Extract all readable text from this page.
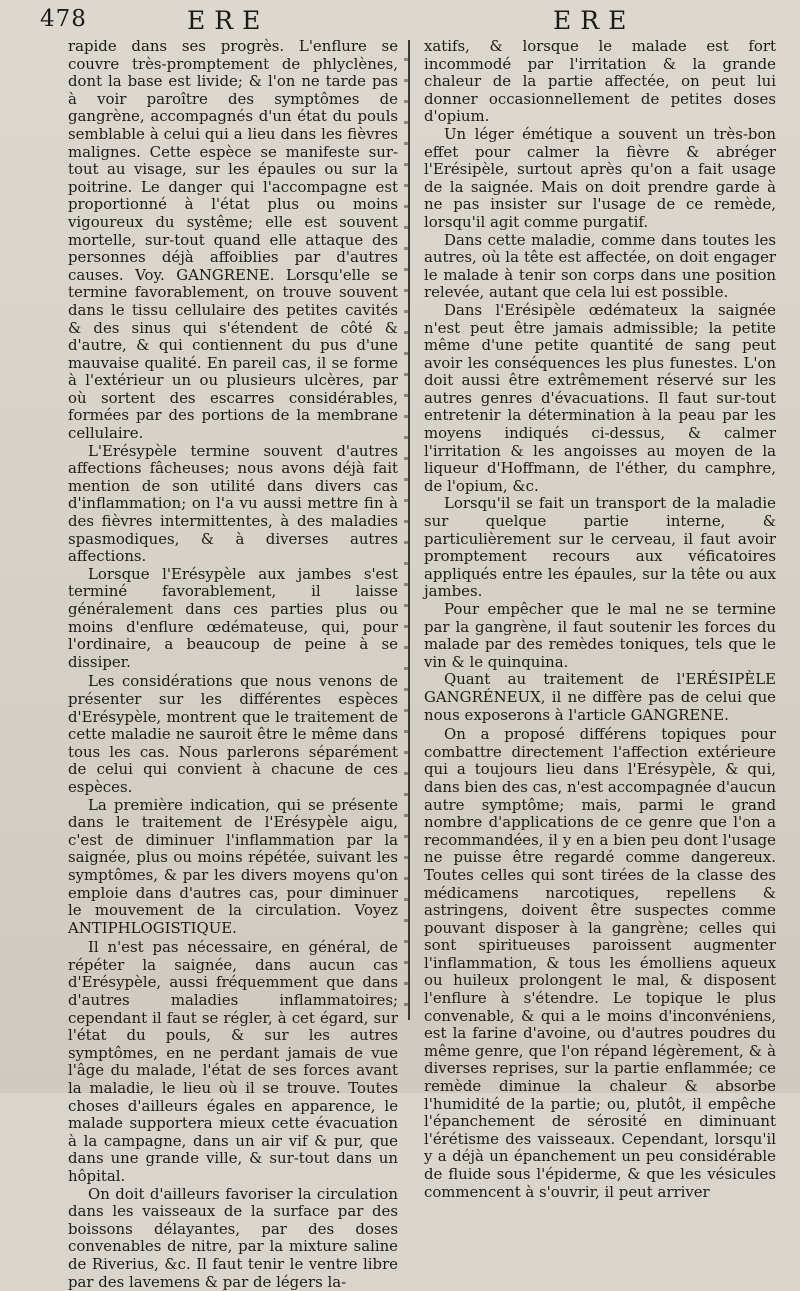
478	ERE	ERE

rapide dans ses progrès. L'enflure se couvre très-promptement de phlyclènes, dont la base est livide; & l'on ne tarde pas à voir paroître des symptômes de gangrène, accompagnés d'un état du pouls semblable à celui qui a lieu dans les fièvres malignes. Cette espèce se manifeste sur-tout au visage, sur les épaules ou sur la poitrine. Le danger qui l'accompagne est proportionné à l'état plus ou moins vigoureux du systême; elle est souvent mortelle, sur-tout quand elle attaque des personnes déjà affoiblies par d'autres causes. Voy. GANGRENE. Lorsqu'elle se termine favorablement, on trouve souvent dans le tissu cellulaire des petites cavités & des sinus qui s'étendent de côté & d'autre, & qui contiennent du pus d'une mauvaise qualité. En pareil cas, il se forme à l'extérieur un ou plusieurs ulcères, par où sortent des escarres considérables, formées par des portions de la membrane cellulaire.

L'Erésypèle termine souvent d'autres affections fâcheuses; nous avons déjà fait mention de son utilité dans divers cas d'inflammation; on l'a vu aussi mettre fin à des fièvres intermittentes, à des maladies spasmodiques, & à diverses autres affections.

Lorsque l'Erésypèle aux jambes s'est terminé favorablement, il laisse généralement dans ces parties plus ou moins d'enflure œdémateuse, qui, pour l'ordinaire, a beaucoup de peine à se dissiper.

Les considérations que nous venons de présenter sur les différentes espèces d'Erésypèle, montrent que le traitement de cette maladie ne sauroit être le même dans tous les cas. Nous parlerons séparément de celui qui convient à chacune de ces espèces.

La première indication, qui se présente dans le traitement de l'Erésypèle aigu, c'est de diminuer l'inflammation par la saignée, plus ou moins répétée, suivant les symptômes, & par les divers moyens qu'on emploie dans d'autres cas, pour diminuer le mouvement de la circulation. Voyez ANTIPHLOGISTIQUE.

Il n'est pas nécessaire, en général, de répéter la saignée, dans aucun cas d'Erésypèle, aussi fréquemment que dans d'autres maladies inflammatoires; cependant il faut se régler, à cet égard, sur l'état du pouls, & sur les autres symptômes, en ne perdant jamais de vue l'âge du malade, l'état de ses forces avant la maladie, le lieu où il se trouve. Toutes choses d'ailleurs égales en apparence, le malade supportera mieux cette évacuation à la campagne, dans un air vif & pur, que dans une grande ville, & sur-tout dans un hôpital.

On doit d'ailleurs favoriser la circulation dans les vaisseaux de la surface par des boissons délayantes, par des doses convenables de nitre, par la mixture saline de Riverius, &c. Il faut tenir le ventre libre par des lavemens & par de légers la-

xatifs, & lorsque le malade est fort incommodé par l'irritation & la grande chaleur de la partie affectée, on peut lui donner occasionnellement de petites doses d'opium.

Un léger émétique a souvent un très-bon effet pour calmer la fièvre & abréger l'Erésipèle, surtout après qu'on a fait usage de la saignée. Mais on doit prendre garde à ne pas insister sur l'usage de ce remède, lorsqu'il agit comme purgatif.

Dans cette maladie, comme dans toutes les autres, où la tête est affectée, on doit engager le malade à tenir son corps dans une position relevée, autant que cela lui est possible.

Dans l'Erésipèle œdémateux la saignée n'est peut être jamais admissible; la petite même d'une petite quantité de sang peut avoir les conséquences les plus funestes. L'on doit aussi être extrêmement réservé sur les autres genres d'évacuations. Il faut sur-tout entretenir la détermination à la peau par les moyens indiqués ci-dessus, & calmer l'irritation & les angoisses au moyen de la liqueur d'Hoffmann, de l'éther, du camphre, de l'opium, &c.

Lorsqu'il se fait un transport de la maladie sur quelque partie interne, & particulièrement sur le cerveau, il faut avoir promptement recours aux véficatoires appliqués entre les épaules, sur la tête ou aux jambes.

Pour empêcher que le mal ne se termine par la gangrène, il faut soutenir les forces du malade par des remèdes toniques, tels que le vin & le quinquina.

Quant au traitement de l'ERÉSIPÈLE GANGRÉNEUX, il ne diffère pas de celui que nous exposerons à l'article GANGRENE.

On a proposé différens topiques pour combattre directement l'affection extérieure qui a toujours lieu dans l'Erésypèle, & qui, dans bien des cas, n'est accompagnée d'aucun autre symptôme; mais, parmi le grand nombre d'applications de ce genre que l'on a recommandées, il y en a bien peu dont l'usage ne puisse être regardé comme dangereux. Toutes celles qui sont tirées de la classe des médicamens narcotiques, repellens & astringens, doivent être suspectes comme pouvant disposer à la gangrène; celles qui sont spiritueuses paroissent augmenter l'inflammation, & tous les émolliens aqueux ou huileux prolongent le mal, & disposent l'enflure à s'étendre. Le topique le plus convenable, & qui a le moins d'inconvéniens, est la farine d'avoine, ou d'autres poudres du même genre, que l'on répand légèrement, & à diverses reprises, sur la partie enflammée; ce remède diminue la chaleur & absorbe l'humidité de la partie; ou, plutôt, il empêche l'épanchement de sérosité en diminuant l'érétisme des vaisseaux. Cependant, lorsqu'il y a déjà un épanchement un peu considérable de fluide sous l'épiderme, & que les vésicules commencent à s'ouvrir, il peut arriver
